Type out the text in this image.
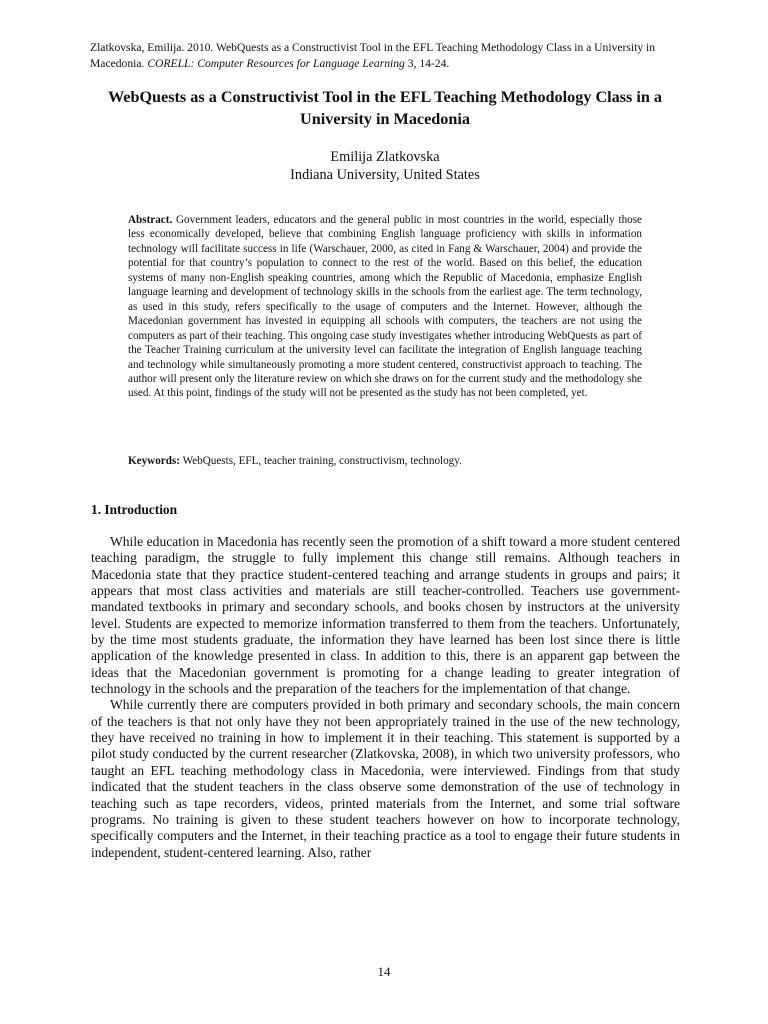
Zlatkovska, Emilija. 2010. WebQuests as a Constructivist Tool in the EFL Teaching Methodology Class in a University in Macedonia. CORELL: Computer Resources for Language Learning 3, 14-24.
WebQuests as a Constructivist Tool in the EFL Teaching Methodology Class in a University in Macedonia
Emilija Zlatkovska
Indiana University, United States
Abstract. Government leaders, educators and the general public in most countries in the world, especially those less economically developed, believe that combining English language proficiency with skills in information technology will facilitate success in life (Warschauer, 2000, as cited in Fang & Warschauer, 2004) and provide the potential for that country’s population to connect to the rest of the world. Based on this belief, the education systems of many non-English speaking countries, among which the Republic of Macedonia, emphasize English language learning and development of technology skills in the schools from the earliest age. The term technology, as used in this study, refers specifically to the usage of computers and the Internet. However, although the Macedonian government has invested in equipping all schools with computers, the teachers are not using the computers as part of their teaching. This ongoing case study investigates whether introducing WebQuests as part of the Teacher Training curriculum at the university level can facilitate the integration of English language teaching and technology while simultaneously promoting a more student centered, constructivist approach to teaching. The author will present only the literature review on which she draws on for the current study and the methodology she used. At this point, findings of the study will not be presented as the study has not been completed, yet.
Keywords: WebQuests, EFL, teacher training, constructivism, technology.
1. Introduction

While education in Macedonia has recently seen the promotion of a shift toward a more student centered teaching paradigm, the struggle to fully implement this change still remains. Although teachers in Macedonia state that they practice student-centered teaching and arrange students in groups and pairs; it appears that most class activities and materials are still teacher-controlled. Teachers use government-mandated textbooks in primary and secondary schools, and books chosen by instructors at the university level. Students are expected to memorize information transferred to them from the teachers. Unfortunately, by the time most students graduate, the information they have learned has been lost since there is little application of the knowledge presented in class. In addition to this, there is an apparent gap between the ideas that the Macedonian government is promoting for a change leading to greater integration of technology in the schools and the preparation of the teachers for the implementation of that change.

While currently there are computers provided in both primary and secondary schools, the main concern of the teachers is that not only have they not been appropriately trained in the use of the new technology, they have received no training in how to implement it in their teaching. This statement is supported by a pilot study conducted by the current researcher (Zlatkovska, 2008), in which two university professors, who taught an EFL teaching methodology class in Macedonia, were interviewed. Findings from that study indicated that the student teachers in the class observe some demonstration of the use of technology in teaching such as tape recorders, videos, printed materials from the Internet, and some trial software programs. No training is given to these student teachers however on how to incorporate technology, specifically computers and the Internet, in their teaching practice as a tool to engage their future students in independent, student-centered learning. Also, rather

14
